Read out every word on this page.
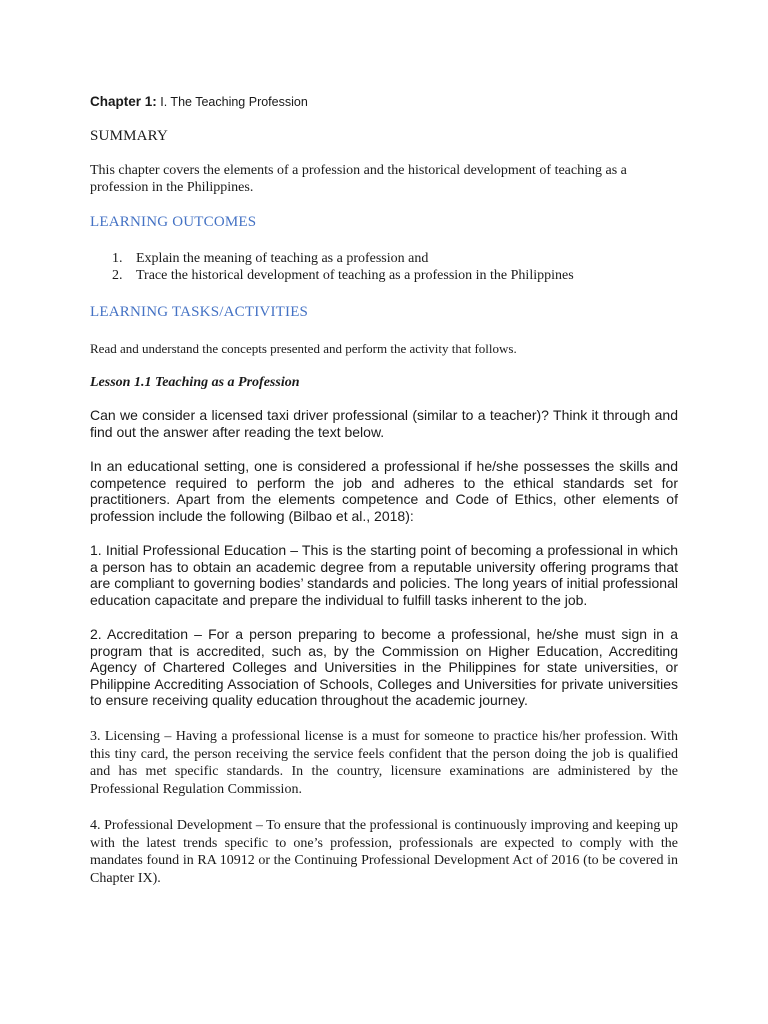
Chapter 1: I. The Teaching Profession
SUMMARY
This chapter covers the elements of a profession and the historical development of teaching as a profession in the Philippines.
LEARNING OUTCOMES
1. Explain the meaning of teaching as a profession and
2. Trace the historical development of teaching as a profession in the Philippines
LEARNING TASKS/ACTIVITIES
Read and understand the concepts presented and perform the activity that follows.
Lesson 1.1 Teaching as a Profession

Can we consider a licensed taxi driver professional (similar to a teacher)? Think it through and find out the answer after reading the text below.

In an educational setting, one is considered a professional if he/she possesses the skills and competence required to perform the job and adheres to the ethical standards set for practitioners. Apart from the elements competence and Code of Ethics, other elements of profession include the following (Bilbao et al., 2018):

1. Initial Professional Education – This is the starting point of becoming a professional in which a person has to obtain an academic degree from a reputable university offering programs that are compliant to governing bodies’ standards and policies. The long years of initial professional education capacitate and prepare the individual to fulfill tasks inherent to the job.

2. Accreditation – For a person preparing to become a professional, he/she must sign in a program that is accredited, such as, by the Commission on Higher Education, Accrediting Agency of Chartered Colleges and Universities in the Philippines for state universities, or Philippine Accrediting Association of Schools, Colleges and Universities for private universities to ensure receiving quality education throughout the academic journey.

3. Licensing – Having a professional license is a must for someone to practice his/her profession. With this tiny card, the person receiving the service feels confident that the person doing the job is qualified and has met specific standards. In the country, licensure examinations are administered by the Professional Regulation Commission.

4. Professional Development – To ensure that the professional is continuously improving and keeping up with the latest trends specific to one’s profession, professionals are expected to comply with the mandates found in RA 10912 or the Continuing Professional Development Act of 2016 (to be covered in Chapter IX).
